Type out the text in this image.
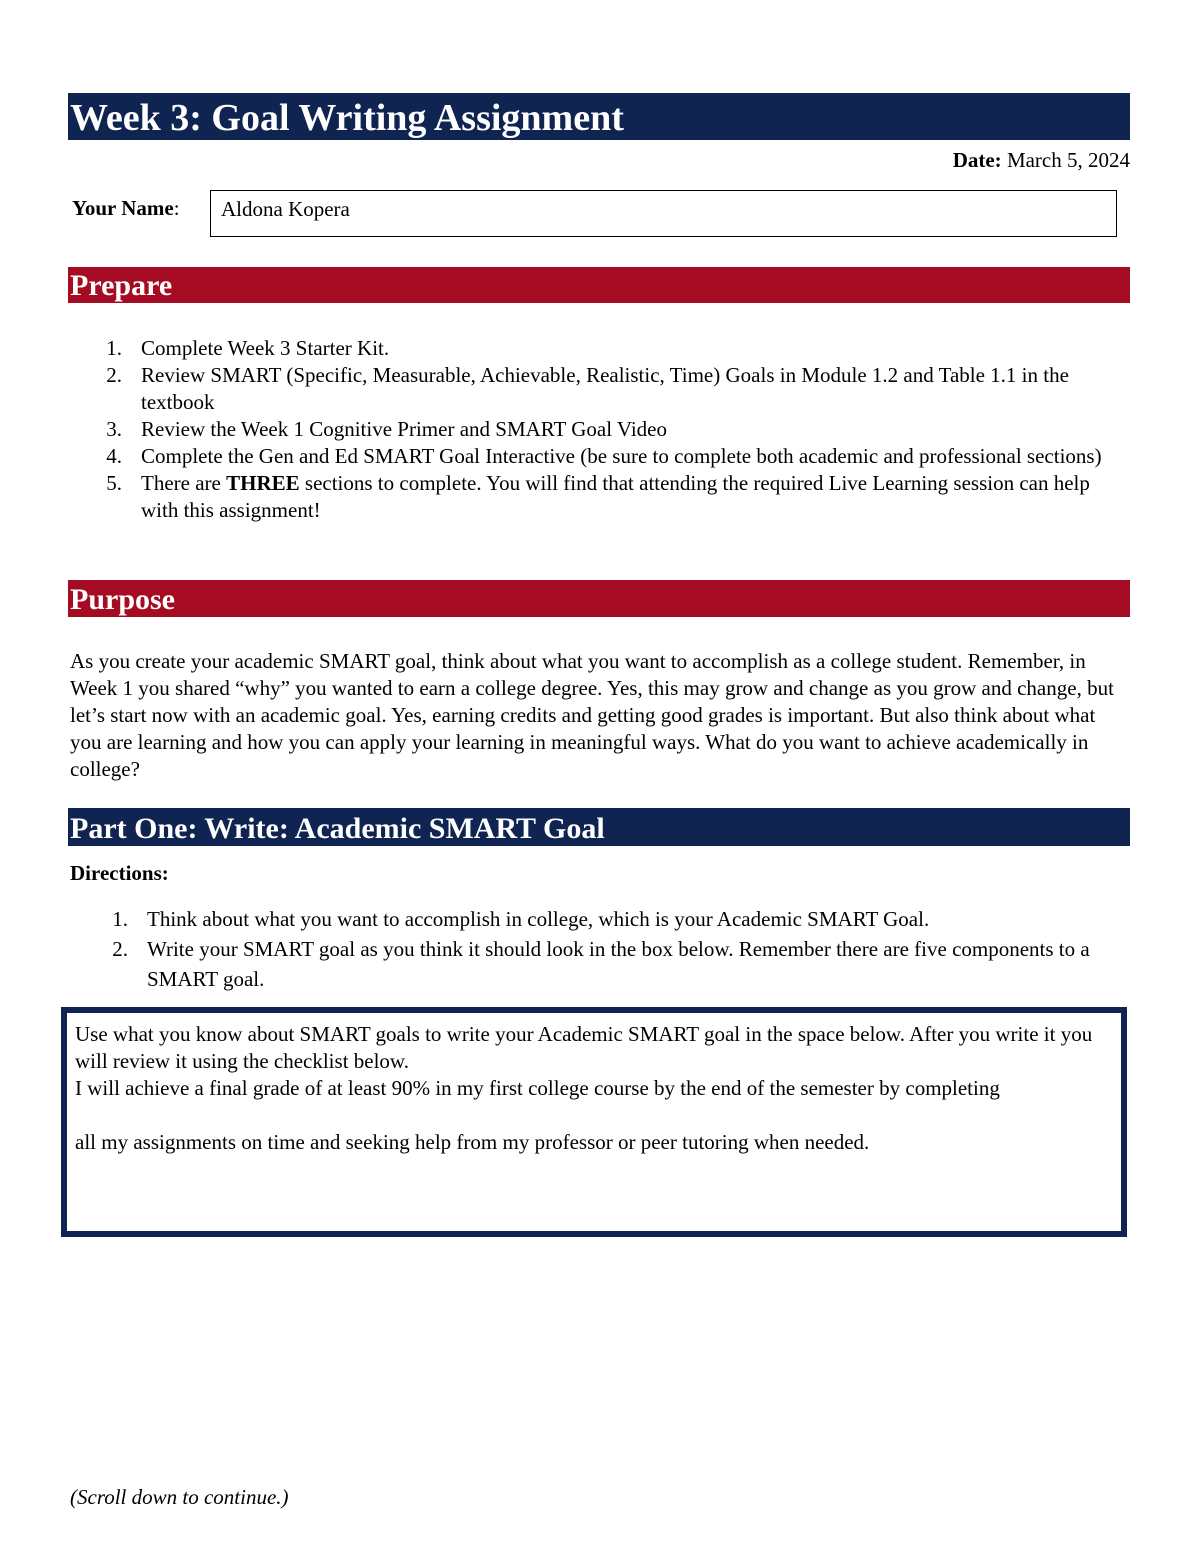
Week 3: Goal Writing Assignment
Date: March 5, 2024
Your Name:	Aldona Kopera
Prepare
1. Complete Week 3 Starter Kit.
2. Review SMART (Specific, Measurable, Achievable, Realistic, Time) Goals in Module 1.2 and Table 1.1 in the textbook
3. Review the Week 1 Cognitive Primer and SMART Goal Video
4. Complete the Gen and Ed SMART Goal Interactive (be sure to complete both academic and professional sections)
5. There are THREE sections to complete. You will find that attending the required Live Learning session can help with this assignment!
Purpose

As you create your academic SMART goal, think about what you want to accomplish as a college student. Remember, in Week 1 you shared “why” you wanted to earn a college degree. Yes, this may grow and change as you grow and change, but let’s start now with an academic goal. Yes, earning credits and getting good grades is important. But also think about what you are learning and how you can apply your learning in meaningful ways. What do you want to achieve academically in college?

Part One: Write: Academic SMART Goal
Directions:
1. Think about what you want to accomplish in college, which is your Academic SMART Goal.
2. Write your SMART goal as you think it should look in the box below. Remember there are five components to a SMART goal.

Use what you know about SMART goals to write your Academic SMART goal in the space below. After you write it you will review it using the checklist below.

I will achieve a final grade of at least 90% in my first college course by the end of the semester by completing

all my assignments on time and seeking help from my professor or peer tutoring when needed.

(Scroll down to continue.)
